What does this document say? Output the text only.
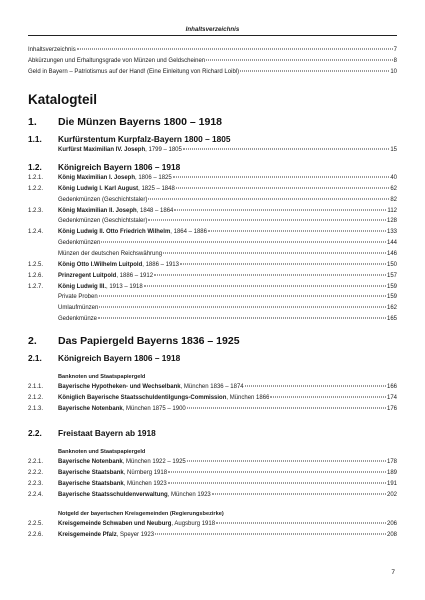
Inhaltsverzeichnis
Inhaltsverzeichnis	7
Abkürzungen und Erhaltungsgrade von Münzen und Geldscheinen	8
Geld in Bayern – Patriotismus auf der Hand! (Eine Einleitung von Richard Loibl)	10
Katalogteil
1.	Die Münzen Bayerns 1800 – 1918
1.1.	Kurfürstentum Kurpfalz-Bayern 1800 – 1805
Kurfürst Maximilian IV. Joseph, 1799 – 1805	15
1.2.	Königreich Bayern 1806 – 1918
1.2.1.	König Maximilian I. Joseph, 1806 – 1825	40
1.2.2.	König Ludwig I. Karl August, 1825 – 1848	62
Gedenkmünzen (Geschichtstaler)	82
1.2.3.	König Maximilian II. Joseph, 1848 – 1864	112
Gedenkmünzen (Geschichtstaler)	128
1.2.4.	König Ludwig II. Otto Friedrich Wilhelm, 1864 – 1886	133
Gedenkmünzen	144
Münzen der deutschen Reichswährung	146
1.2.5.	König Otto I.Wilhelm Luitpold, 1886 – 1913	150
1.2.6.	Prinzregent Luitpold, 1886 – 1912	157
1.2.7.	König Ludwig III., 1913 – 1918	159
Private Proben	159
Umlaufmünzen	162
Gedenkmünze	165
2.	Das Papiergeld Bayerns 1836 – 1925
2.1.	Königreich Bayern 1806 – 1918
Banknoten und Staatspapiergeld
2.1.1.	Bayerische Hypotheken- und Wechselbank, München 1836 – 1874	166
2.1.2.	Königlich Bayerische Staatsschuldentilgungs-Commission, München 1866	174
2.1.3.	Bayerische Notenbank, München 1875 – 1900	176
2.2.	Freistaat Bayern ab 1918
Banknoten und Staatspapiergeld
2.2.1.	Bayerische Notenbank, München 1922 – 1925	178
2.2.2.	Bayerische Staatsbank, Nürnberg 1918	189
2.2.3.	Bayerische Staatsbank, München 1923	191
2.2.4.	Bayerische Staatsschuldenverwaltung, München 1923	202
Notgeld der bayerischen Kreisgemeinden (Regierungsbezirke)
2.2.5.	Kreisgemeinde Schwaben und Neuburg, Augsburg 1918	206
2.2.6.	Kreisgemeinde Pfalz, Speyer 1923	208
7
